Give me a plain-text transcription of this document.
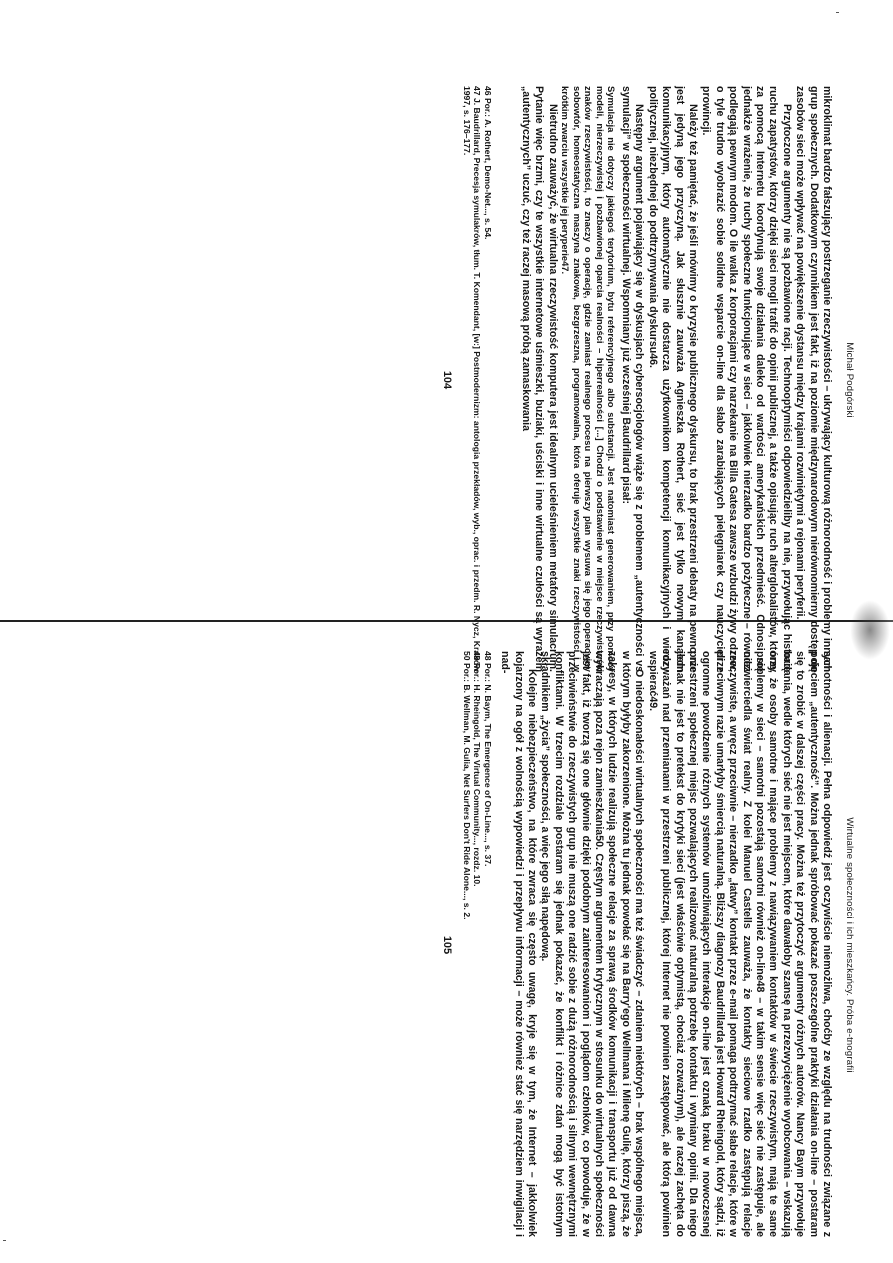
Michał Podgórski

mikroklimat bardzo fałszujący postrzeganie rzeczywistości – ukrywający kulturową różnorodność i problemy innych grup społecznych. Dodatkowym czynnikiem jest fakt, iż na poziomie międzynarodowym nierównomierny dostęp do zasobów sieci może wpływać na powiększenie dystansu między krajami rozwiniętymi a rejonami peryferii.

Przytoczone argumenty nie są pozbawione racji. Technooptymiści odpowiedzieliby na nie, przywołując historię ruchu zapatystów, którzy dzięki sieci mogli trafić do opinii publicznej, a także opisując ruch alterglobalistów, którzy za pomocą Internetu koordynują swoje działania daleko od wartości amerykańskich przedmieść. Odnosi się jednakże wrażenie, że ruchy społeczne funkcjonujące w sieci – jakkolwiek nierzadko bardzo pożyteczne – również podlegają pewnym modom. O ile walka z korporacjami czy narzekanie na Billa Gatesa zawsze wzbudzi żywy odzew, o tyle trudno wyobrazić sobie solidne wsparcie on-line dla słabo zarabiających pielęgniarek czy nauczycieli z prowincji.

Należy też pamiętać, że jeśli mówimy o kryzysie publicznego dyskursu, to brak przestrzeni debaty na pewno nie jest jedyną jego przyczyną. Jak słusznie zauważa Agnieszka Rothert, sieć jest tylko nowym kanałem komunikacyjnym, który automatycznie nie dostarcza użytkownikom kompetencji komunikacyjnych i wiedzy politycznej, niezbędnej do podtrzymywania dyskursu46.

Następny argument pojawiający się w dyskusjach cybersocjologów wiąże się z problemem „autentyczności vs symulacji” w społeczności wirtualnej. Wspomniany już wcześniej Baudrillard pisał:

Symulacja nie dotyczy jakiegoś terytorium, bytu referencyjnego albo substancji. Jest natomiast generowaniem, przy pomocy modeli, nierzeczywistej i pozbawionej oparcia realności – hiperrealności [...] Chodzi o podstawienie w miejsce rzeczywistości znaków rzeczywistości, to znaczy o operację, gdzie zamiast realnego procesu na pierwszy plan wysuwa się jego operacyjny sobowtór, homeostatyczna maszyna znakowa, bezgrzeszna, programowalna, która oferuje wszystkie znaki rzeczywistości i w krótkim zwarciu wszystkie jej peryperie47.

Nietrudno zauważyć, że wirtualna rzeczywistość komputera jest idealnym ucieleśnieniem metafory simulacrum. Pytanie więc brzmi, czy te wszystkie internetowe uśmieszki, buziaki, uściski i inne wirtualne czułości są wyrazem „autentycznych” uczuć, czy też raczej masową próbą zamaskowania

46 Por.: A. Rothert, Demo-Net..., s. 54.

47 J. Baudrillard, Precesja symulakrów, tłum. T. Komendant, [w:] Postmodernizm: antologia przekładów, wyb., oprac. i przedm. R. Nycz, Kraków 1997, s. 176–177.

104
Wirtualne społeczności i ich mieszkańcy. Próba e-tnografii

samotności i alienacji. Pełna odpowiedź jest oczywiście niemożliwa, choćby ze względu na trudności związane z pojęciem „autentyczność”. Można jednak spróbować pokazać poszczególne praktyki działania on-line – postaram się to zrobić w dalszej części pracy. Można też przytoczyć argumenty różnych autorów. Nancy Baym przywołuje badania, wedle których sieć nie jest miejscem, które dawałoby szansę na przezwyciężenie wyobcowania – wskazują one, że osoby samotne i mające problemy z nawiązywaniem kontaktów w świecie rzeczywistym, mają te same problemy w sieci – samotni pozostają samotni również on-line48 – w takim sensie więc sieć nie zastępuje, ale odzwierciedla świat realny. Z kolei Manuel Castells zauważa, że kontakty sieciowe rzadko zastępują relacje rzeczywiste, a wręcz przeciwnie – nierzadko „łatwy” kontakt przez e-mail pomaga podtrzymać słabe relacje, które w przeciwnym razie umarłyby śmiercią naturalną. Bliższy diagnozy Baudrillarda jest Howard Rheingold, który sądzi, iż ogromne powodzenie różnych systemów umożliwiających interakcje on-line jest oznaką braku w nowoczesnej przestrzeni społecznej miejsc pozwalających realizować naturalną potrzebę kontaktu i wymiany opinii. Dla niego jednak nie jest to pretekst do krytyki sieci (jest właściwie optymistą, chociaż rozważnym), ale raczej zachęta do rozważań nad przemianami w przestrzeni publicznej, której Internet nie powinien zastępować, ale którą powinien wspierać49.

O niedoskonałości wirtualnych społeczności ma też świadczyć – zdaniem niektórych – brak wspólnego miejsca, w którym byłyby zakorzenione. Można tu jednak powołać się na Barry'ego Wellmana i Milenę Gulię, którzy piszą, że zakresy, w których ludzie realizują społeczne relacje za sprawą środków komunikacji i transportu już od dawna wykraczają poza rejon zamieszkania50. Częstym argumentem krytycznym w stosunku do wirtualnych społeczności jest fakt, iż tworzą się one głównie dzięki podobnym zainteresowaniom i poglądom członków, co powoduje, że w przeciwieństwie do rzeczywistych grup nie muszą one radzić sobie z dużą różnorodnością i silnymi wewnętrznymi konfliktami. W trzecim rozdziale postaram się jednak pokazać, że konflikt i różnice zdań mogą być istotnym składnikiem „życia” społeczności, a więc jego siłą napędową.

Kolejne niebezpieczeństwo, na które zwraca się często uwagę, kryje się w tym, że Internet – jakkolwiek kojarzony na ogół z wolnością wypowiedzi i przepływu informacji – może również stać się narzędziem inwigilacji i nad-

48 Por.: N. Baym, The Emergence of On-Line..., s. 37.

49 Por.: H. Rheingold, The Virtual Community..., rozdz. 10.

50 Por.: B. Wellman, M. Gulia, Net Surfers Don't Ride Alone..., s. 2.

105
